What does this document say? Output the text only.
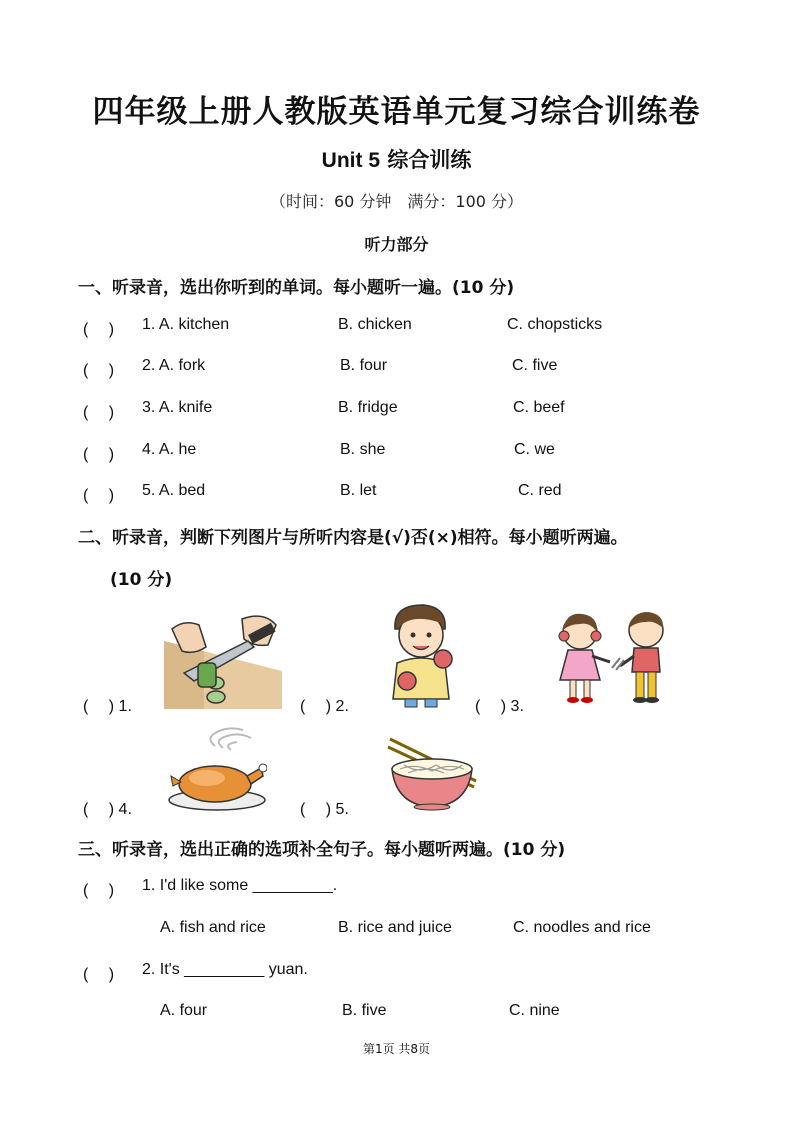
四年级上册人教版英语单元复习综合训练卷
Unit 5 综合训练
（时间：60 分钟　满分：100 分）
听力部分
一、听录音，选出你听到的单词。每小题听一遍。(10 分)
(　 ) 1. A. kitchen	B. chicken	C. chopsticks
(　 ) 2. A. fork	B. four	C. five
(　 ) 3. A. knife	B. fridge	C. beef
(　 ) 4. A. he	B. she	C. we
(　 ) 5. A. bed	B. let	C. red
二、听录音，判断下列图片与所听内容是(√)否(×)相符。每小题听两遍。
(10 分)
(　 ) 1.	(　 ) 2.	(　 ) 3.
(　 ) 4.	(　 ) 5.
三、听录音，选出正确的选项补全句子。每小题听两遍。(10 分)
(　 ) 1. I'd like some _________.
A. fish and rice	B. rice and juice	C. noodles and rice
(　 ) 2. It's _________ yuan.
A. four	B. five	C. nine
第1页 共8页
